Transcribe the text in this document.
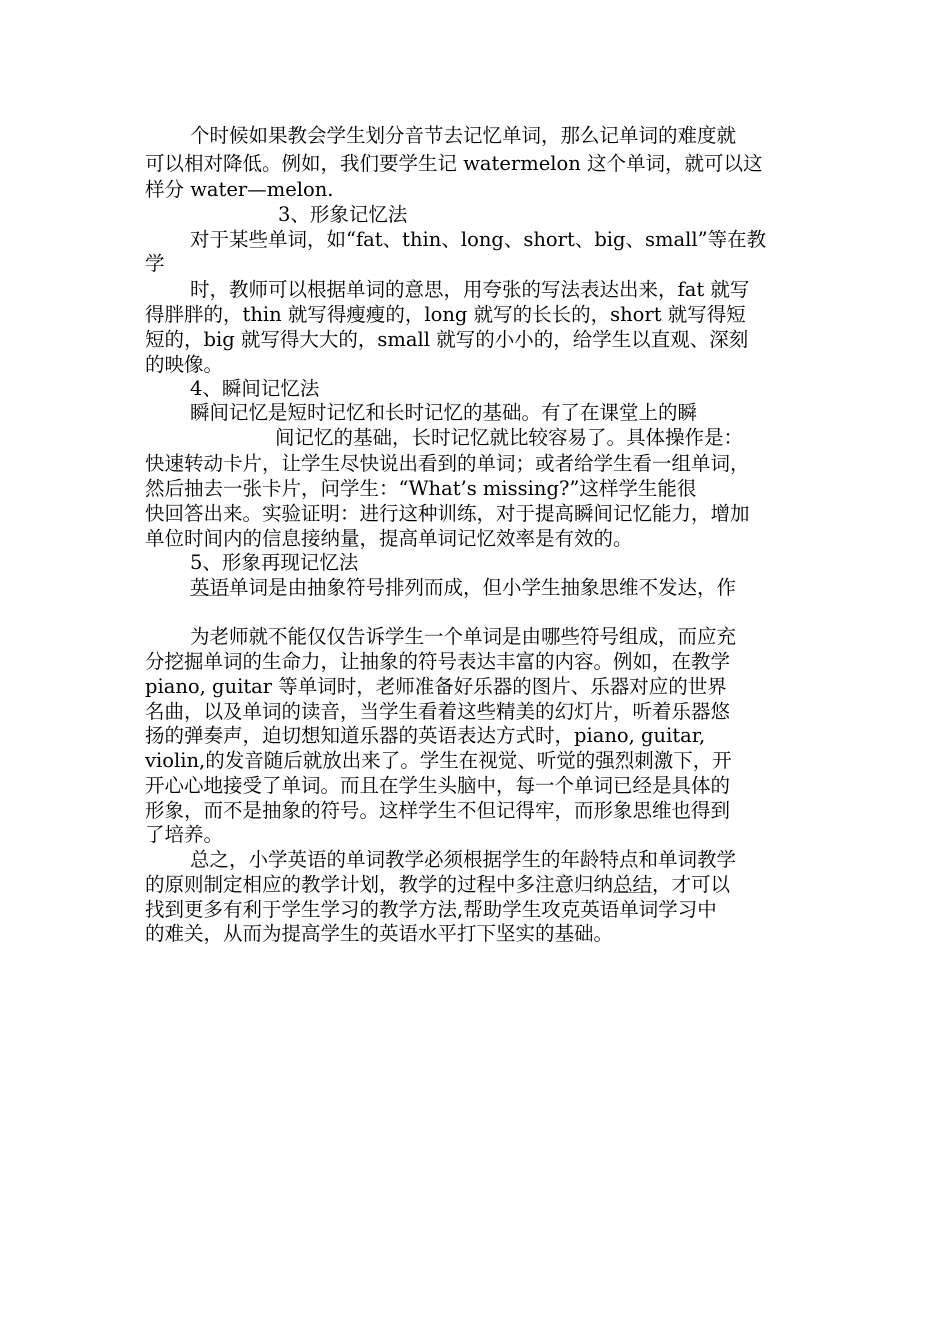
个时候如果教会学生划分音节去记忆单词，那么记单词的难度就
可以相对降低。例如，我们要学生记 watermelon 这个单词，就可以这
样分 water—melon.
3、形象记忆法
对于某些单词，如“fat、thin、long、short、big、small”等在教
学
时，教师可以根据单词的意思，用夸张的写法表达出来，fat 就写
得胖胖的，thin 就写得瘦瘦的，long 就写的长长的，short 就写得短
短的，big 就写得大大的，small 就写的小小的，给学生以直观、深刻
的映像。
4、瞬间记忆法
瞬间记忆是短时记忆和长时记忆的基础。有了在课堂上的瞬
间记忆的基础，长时记忆就比较容易了。具体操作是：
快速转动卡片，让学生尽快说出看到的单词；或者给学生看一组单词，
然后抽去一张卡片，问学生：“What’s missing?”这样学生能很
快回答出来。实验证明：进行这种训练，对于提高瞬间记忆能力，增加
单位时间内的信息接纳量，提高单词记忆效率是有效的。
5、形象再现记忆法
英语单词是由抽象符号排列而成，但小学生抽象思维不发达，作
为老师就不能仅仅告诉学生一个单词是由哪些符号组成，而应充
分挖掘单词的生命力，让抽象的符号表达丰富的内容。例如，在教学
piano, guitar 等单词时，老师准备好乐器的图片、乐器对应的世界
名曲，以及单词的读音，当学生看着这些精美的幻灯片，听着乐器悠
扬的弹奏声，迫切想知道乐器的英语表达方式时，piano, guitar,
violin,的发音随后就放出来了。学生在视觉、听觉的强烈刺激下，开
开心心地接受了单词。而且在学生头脑中，每一个单词已经是具体的
形象，而不是抽象的符号。这样学生不但记得牢，而形象思维也得到
了培养。
总之，小学英语的单词教学必须根据学生的年龄特点和单词教学
的原则制定相应的教学计划，教学的过程中多注意归纳总结，才可以
找到更多有利于学生学习的教学方法,帮助学生攻克英语单词学习中
的难关，从而为提高学生的英语水平打下坚实的基础。
